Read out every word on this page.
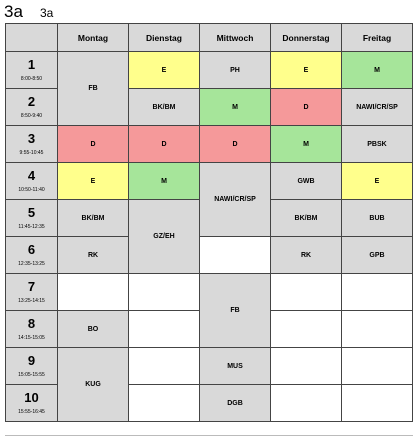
3a 3a
	Montag	Dienstag	Mittwoch	Donnerstag	Freitag

1
8:00-8:50	FB	E	PH	E	M

2
8:50-9:40		BK/BM	M	D	NAWI/CR/SP

3
9:55-10:45	D	D	D	M	PBSK

4
10:50-11:40	E	M	NAWI/CR/SP	GWB	E

5
11:45-12:35	BK/BM	GZ/EH		BK/BM	BUB

6
12:35-13:25	RK			RK	GPB

7
13:25-14:15			FB		

8
14:15-15:05	BO				

9
15:05-15:55	KUG		MUS		

10
15:55-16:45			DGB		
